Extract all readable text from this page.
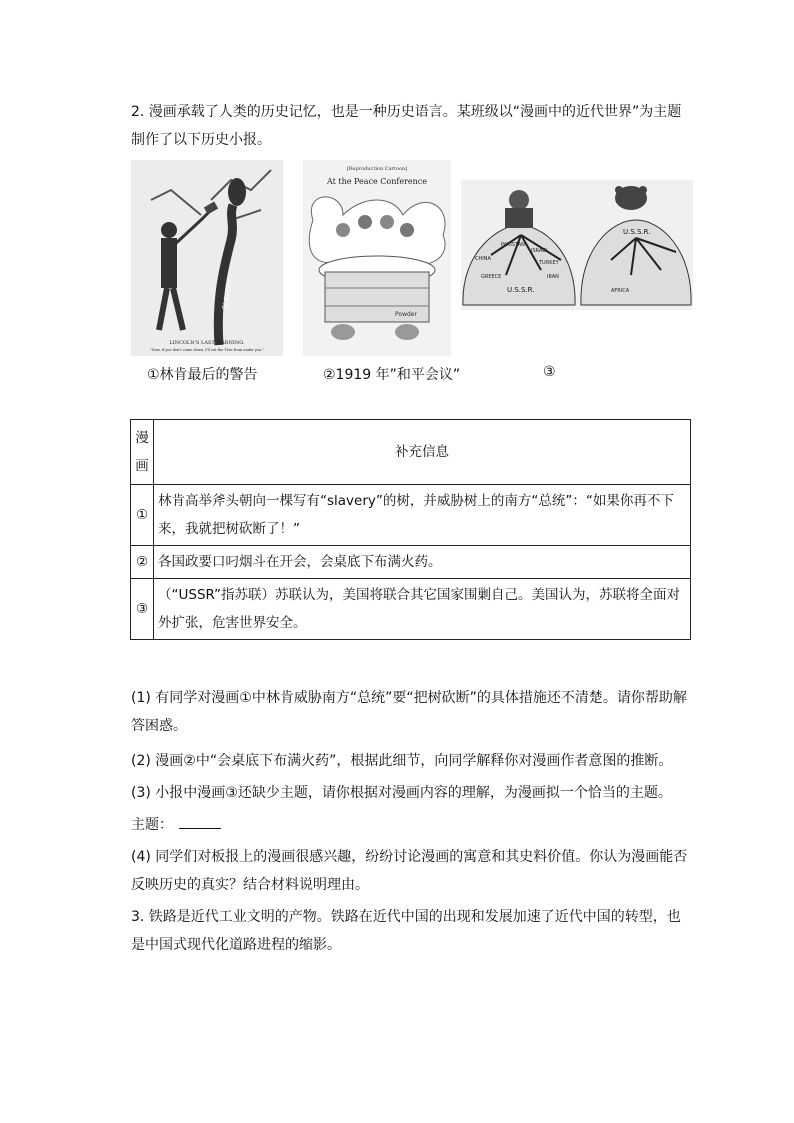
2. 漫画承载了人类的历史记忆，也是一种历史语言。某班级以“漫画中的近代世界”为主题制作了以下历史小报。

SLAVERY
LINCOLN'S LAST WARNING.
"Now, if you don't come down, I'll cut the Tree from under you."
[Reproduction Cartoon]
At the Peace Conference
Powder
CHINA
PAKISTAN
ISRAEL
TURKEY
GREECE	IRAN
U.S.S.R.
U.S.S.R.
AFRICA
①林肯最后的警告	②1919 年”和平会议”	③
漫画	补充信息
①	林肯高举斧头朝向一棵写有“slavery”的树，并威胁树上的南方“总统”：“如果你再不下来，我就把树砍断了！”
②	各国政要口叼烟斗在开会，会桌底下布满火药。
③	（“USSR”指苏联）苏联认为，美国将联合其它国家围剿自己。美国认为，苏联将全面对外扩张，危害世界安全。

(1) 有同学对漫画①中林肯威胁南方“总统”要“把树砍断”的具体措施还不清楚。请你帮助解答困惑。

(2) 漫画②中“会桌底下布满火药”，根据此细节，向同学解释你对漫画作者意图的推断。

(3) 小报中漫画③还缺少主题，请你根据对漫画内容的理解，为漫画拟一个恰当的主题。

主题：

(4) 同学们对板报上的漫画很感兴趣，纷纷讨论漫画的寓意和其史料价值。你认为漫画能否反映历史的真实？结合材料说明理由。

3. 铁路是近代工业文明的产物。铁路在近代中国的出现和发展加速了近代中国的转型，也是中国式现代化道路进程的缩影。
